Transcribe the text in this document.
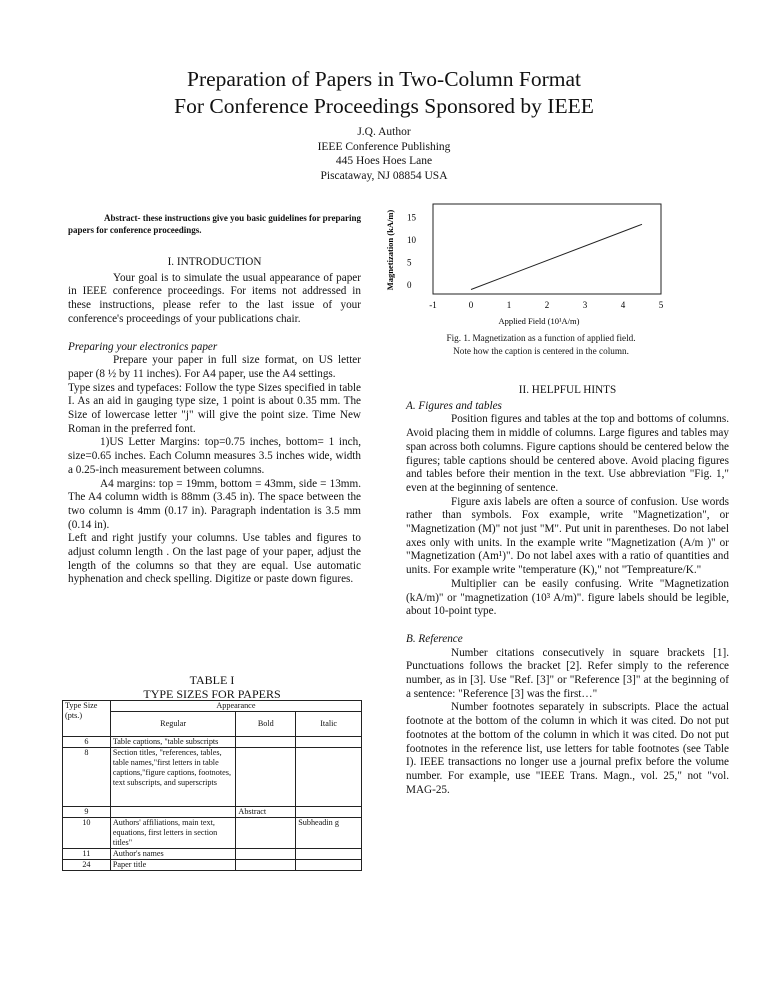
Preparation of Papers in Two-Column Format
For Conference Proceedings Sponsored by IEEE
J.Q. Author
IEEE Conference Publishing
445 Hoes Hoes Lane
Piscataway, NJ 08854 USA

Abstract- these instructions give you basic guidelines for preparing papers for conference proceedings.

I. INTRODUCTION

Your goal is to simulate the usual appearance of paper in IEEE conference proceedings. For items not addressed in these instructions, please refer to the last issue of your conference's proceedings of your publications chair.

Preparing your electronics paper

Prepare your paper in full size format, on US letter paper (8 ½ by 11 inches). For A4 paper, use the A4 settings.

Type sizes and typefaces: Follow the type Sizes specified in table I. As an aid in gauging type size, 1 point is about 0.35 mm. The Size of lowercase letter "j" will give the point size. Time New Roman in the preferred font.

1)US Letter Margins: top=0.75 inches, bottom= 1 inch, size=0.65 inches. Each Column measures 3.5 inches wide, width a 0.25-inch measurement between columns.

A4 margins: top = 19mm, bottom = 43mm, side = 13mm. The A4 column width is 88mm (3.45 in). The space between the two column is 4mm (0.17 in). Paragraph indentation is 3.5 mm (0.14 in).

Left and right justify your columns. Use tables and figures to adjust column length . On the last page of your paper, adjust the length of the columns so that they are equal. Use automatic hyphenation and check spelling. Digitize or paste down figures.

TABLE I
TYPE SIZES FOR PAPERS
Type Size (pts.)	Appearance		
	Regular	Bold	Italic
6	Table captions, "table subscripts		
8	Section titles, "references, tables, table names,"first letters in table captions,"figure captions, footnotes, text subscripts, and superscripts		
9		Abstract	
10	Authors' affiliations, main text, equations, first letters in section titles"		Subheadin g
11	Author's names		
24	Paper title		
-1	0	1	2	3	4	5
0
5
10
15
Magnetization (kA/m)
Applied Field (10¹A/m)
Fig. 1. Magnetization as a function of applied field.
Note how the caption is centered in the column.

II. HELPFUL HINTS

A. Figures and tables

Position figures and tables at the top and bottoms of columns. Avoid placing them in middle of columns. Large figures and tables may span across both columns. Figure captions should be centered below the figures; table captions should be centered above. Avoid placing figures and tables before their mention in the text. Use abbreviation "Fig. 1," even at the beginning of sentence.

Figure axis labels are often a source of confusion. Use words rather than symbols. Fox example, write "Magnetization", or "Magnetization (M)" not just "M". Put unit in parentheses. Do not label axes only with units. In the example write "Magnetization (A/m )" or "Magnetization (Am¹)". Do not label axes with a ratio of quantities and units. For example write "temperature (K)," not "Tempreature/K."

Multiplier can be easily confusing. Write "Magnetization (kA/m)" or "magnetization (10³ A/m)". figure labels should be legible, about 10-point type.

B. Reference

Number citations consecutively in square brackets [1]. Punctuations follows the bracket [2]. Refer simply to the reference number, as in [3]. Use "Ref. [3]" or "Reference [3]" at the beginning of a sentence: "Reference [3] was the first…"

Number footnotes separately in subscripts. Place the actual footnote at the bottom of the column in which it was cited. Do not put footnotes at the bottom of the column in which it was cited. Do not put footnotes in the reference list, use letters for table footnotes (see Table I). IEEE transactions no longer use a journal prefix before the volume number. For example, use "IEEE Trans. Magn., vol. 25," not "vol. MAG-25.
